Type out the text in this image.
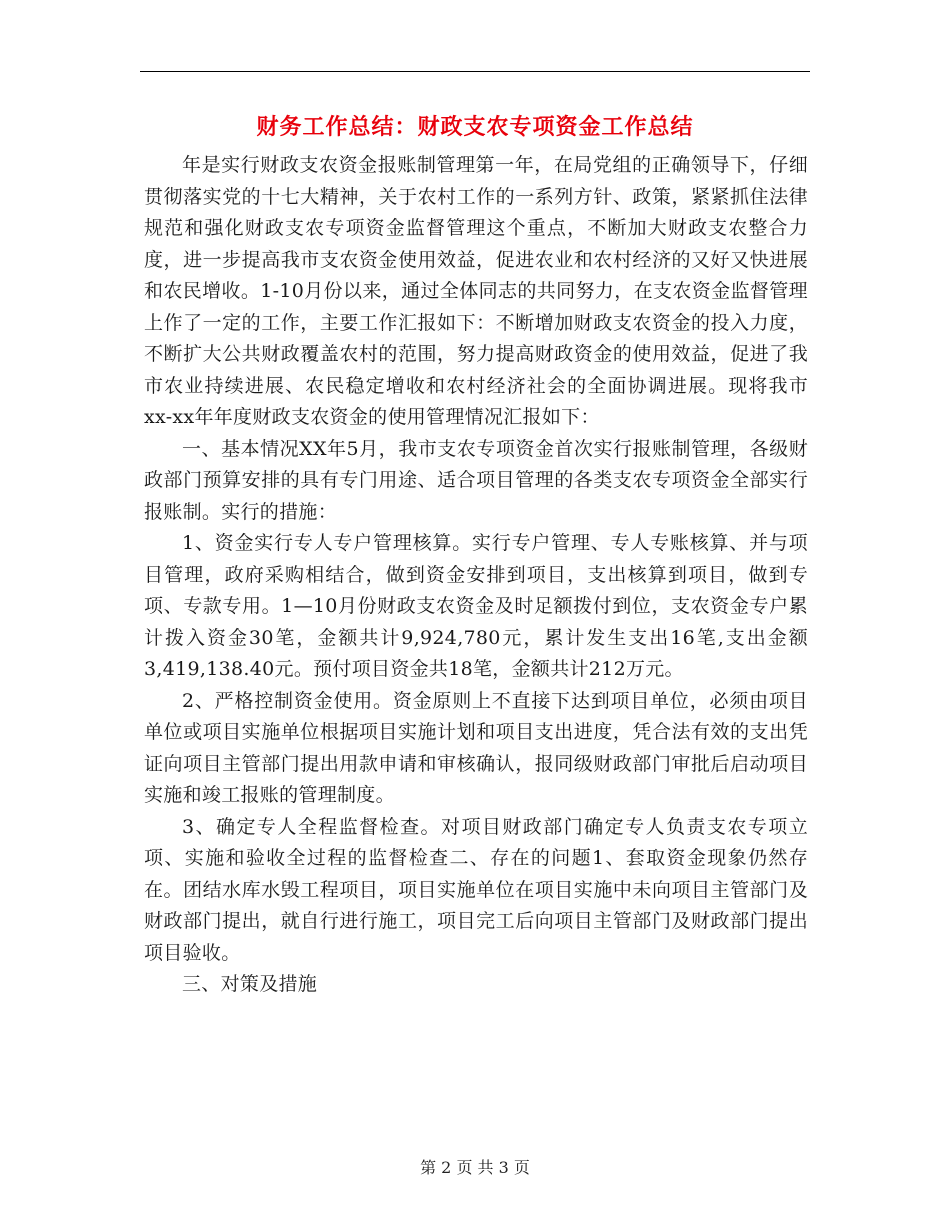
财务工作总结：财政支农专项资金工作总结

年是实行财政支农资金报账制管理第一年，在局党组的正确领导下，仔细贯彻落实党的十七大精神，关于农村工作的一系列方针、政策，紧紧抓住法律规范和强化财政支农专项资金监督管理这个重点，不断加大财政支农整合力度，进一步提高我市支农资金使用效益，促进农业和农村经济的又好又快进展和农民增收。1-10月份以来，通过全体同志的共同努力，在支农资金监督管理上作了一定的工作，主要工作汇报如下：不断增加财政支农资金的投入力度，不断扩大公共财政覆盖农村的范围，努力提高财政资金的使用效益，促进了我市农业持续进展、农民稳定增收和农村经济社会的全面协调进展。现将我市xx-xx年年度财政支农资金的使用管理情况汇报如下：

一、基本情况XX年5月，我市支农专项资金首次实行报账制管理，各级财政部门预算安排的具有专门用途、适合项目管理的各类支农专项资金全部实行报账制。实行的措施：

1、资金实行专人专户管理核算。实行专户管理、专人专账核算、并与项目管理，政府采购相结合，做到资金安排到项目，支出核算到项目，做到专项、专款专用。1—10月份财政支农资金及时足额拨付到位，支农资金专户累计拨入资金30笔，金额共计9,924,780元，累计发生支出16笔,支出金额3,419,138.40元。预付项目资金共18笔，金额共计212万元。

2、严格控制资金使用。资金原则上不直接下达到项目单位，必须由项目单位或项目实施单位根据项目实施计划和项目支出进度，凭合法有效的支出凭证向项目主管部门提出用款申请和审核确认，报同级财政部门审批后启动项目实施和竣工报账的管理制度。

3、确定专人全程监督检查。对项目财政部门确定专人负责支农专项立项、实施和验收全过程的监督检查二、存在的问题1、套取资金现象仍然存在。团结水库水毁工程项目，项目实施单位在项目实施中未向项目主管部门及财政部门提出，就自行进行施工，项目完工后向项目主管部门及财政部门提出项目验收。

三、对策及措施

第 2 页 共 3 页
